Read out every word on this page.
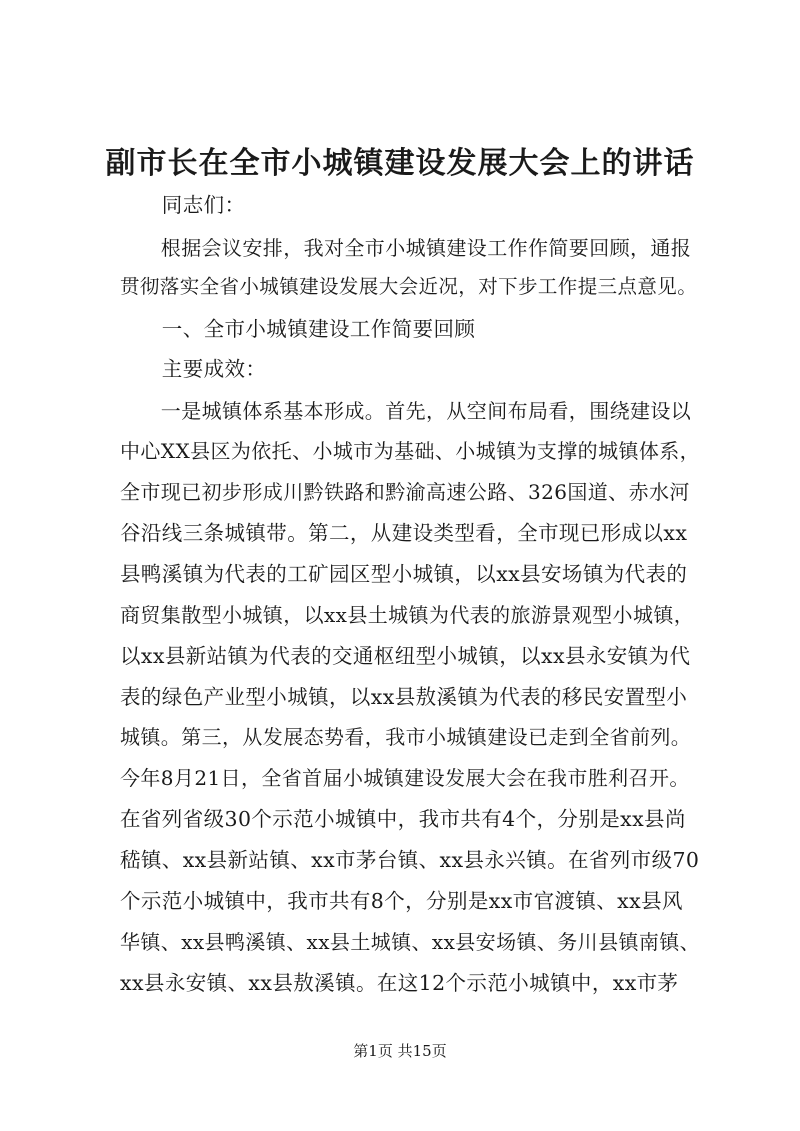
副市长在全市小城镇建设发展大会上的讲话
　　同志们：
　　根据会议安排，我对全市小城镇建设工作作简要回顾，通报
贯彻落实全省小城镇建设发展大会近况，对下步工作提三点意见。
　　一、全市小城镇建设工作简要回顾
　　主要成效：
　　一是城镇体系基本形成。首先，从空间布局看，围绕建设以
中心XX县区为依托、小城市为基础、小城镇为支撑的城镇体系，
全市现已初步形成川黔铁路和黔渝高速公路、326国道、赤水河
谷沿线三条城镇带。第二，从建设类型看，全市现已形成以xx
县鸭溪镇为代表的工矿园区型小城镇，以xx县安场镇为代表的
商贸集散型小城镇，以xx县土城镇为代表的旅游景观型小城镇，
以xx县新站镇为代表的交通枢纽型小城镇，以xx县永安镇为代
表的绿色产业型小城镇，以xx县敖溪镇为代表的移民安置型小
城镇。第三，从发展态势看，我市小城镇建设已走到全省前列。
今年8月21日，全省首届小城镇建设发展大会在我市胜利召开。
在省列省级30个示范小城镇中，我市共有4个，分别是xx县尚
嵇镇、xx县新站镇、xx市茅台镇、xx县永兴镇。在省列市级70
个示范小城镇中，我市共有8个，分别是xx市官渡镇、xx县风
华镇、xx县鸭溪镇、xx县土城镇、xx县安场镇、务川县镇南镇、
xx县永安镇、xx县敖溪镇。在这12个示范小城镇中，xx市茅
第1页 共15页
